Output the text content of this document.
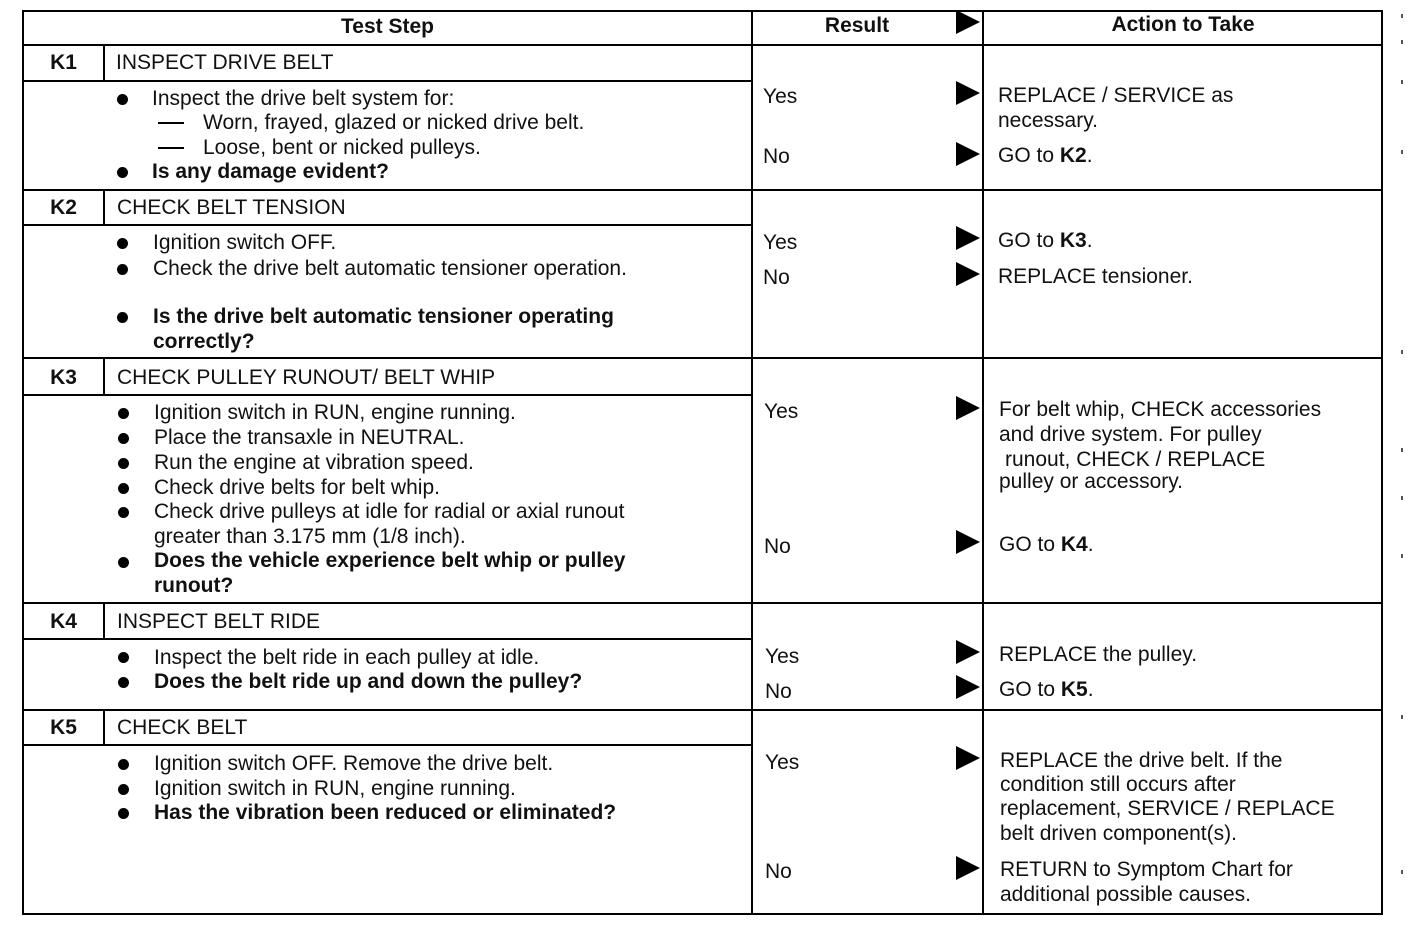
Test Step	Result	Action to Take
K1	INSPECT DRIVE BELT
Inspect the drive belt system for:
Worn, frayed, glazed or nicked drive belt.
Loose, bent or nicked pulleys.
Is any damage evident?
Yes	REPLACE / SERVICE as
necessary.
No	GO to K2.
K2	CHECK BELT TENSION
Ignition switch OFF.
Check the drive belt automatic tensioner operation.
Is the drive belt automatic tensioner operating
correctly?
Yes	GO to K3.
No	REPLACE tensioner.
K3	CHECK PULLEY RUNOUT/ BELT WHIP
Ignition switch in RUN, engine running.
Place the transaxle in NEUTRAL.
Run the engine at vibration speed.
Check drive belts for belt whip.
Check drive pulleys at idle for radial or axial runout
greater than 3.175 mm (1/8 inch).
Does the vehicle experience belt whip or pulley
runout?
Yes	For belt whip, CHECK accessories
and drive system. For pulley
runout, CHECK / REPLACE
pulley or accessory.
No	GO to K4.
K4	INSPECT BELT RIDE
Inspect the belt ride in each pulley at idle.
Does the belt ride up and down the pulley?
Yes	REPLACE the pulley.
No	GO to K5.
K5	CHECK BELT
Ignition switch OFF. Remove the drive belt.
Ignition switch in RUN, engine running.
Has the vibration been reduced or eliminated?
Yes	REPLACE the drive belt. If the
condition still occurs after
replacement, SERVICE / REPLACE
belt driven component(s).
No	RETURN to Symptom Chart for
additional possible causes.
